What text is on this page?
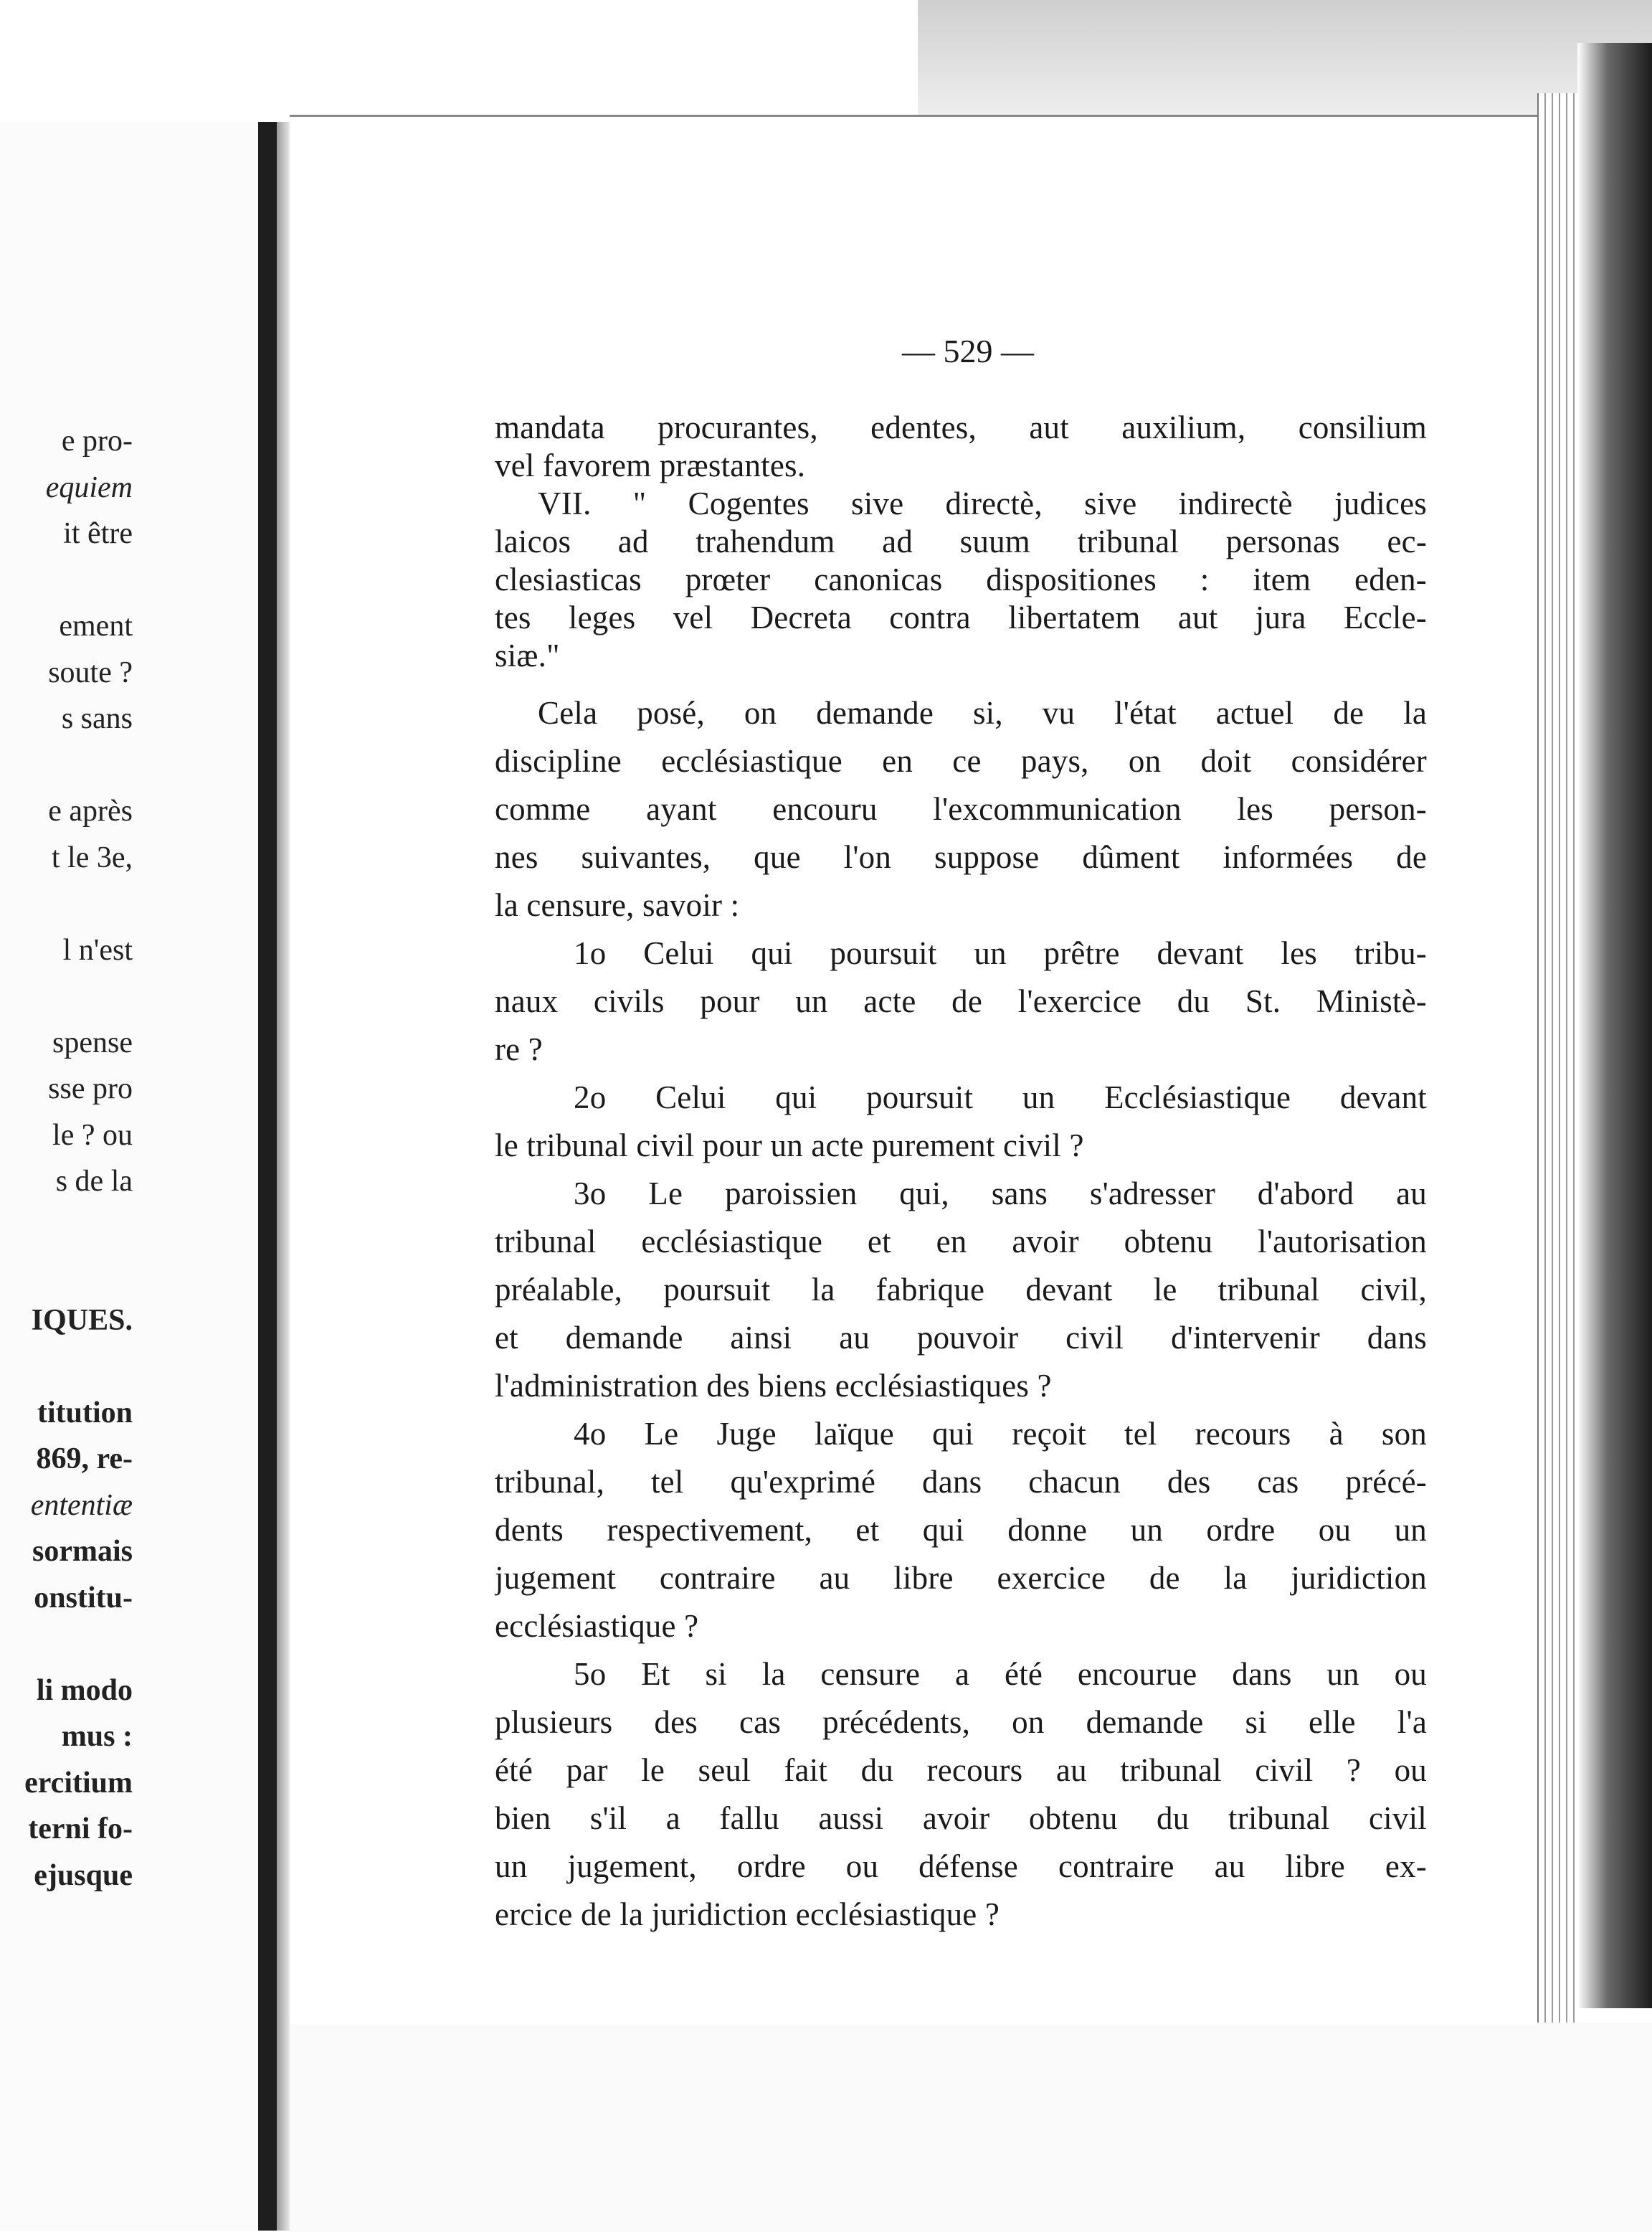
e pro-
equiem
it être
ement
soute ?
s sans
e après
t le 3e,
l n'est
spense
sse pro
le ? ou
s de la
IQUES.
titution
869, re-
ententiæ
sormais
onstitu-
li modo
mus :
ercitium
terni fo-
ejusque
— 529 —
mandata procurantes, edentes, aut auxilium, consilium
vel favorem præstantes.
VII. " Cogentes sive directè, sive indirectè judices
laicos ad trahendum ad suum tribunal personas ec-
clesiasticas prœter canonicas dispositiones : item eden-
tes leges vel Decreta contra libertatem aut jura Eccle-
siæ."
Cela posé, on demande si, vu l'état actuel de la
discipline ecclésiastique en ce pays, on doit considérer
comme ayant encouru l'excommunication les person-
nes suivantes, que l'on suppose dûment informées de
la censure, savoir :
1o Celui qui poursuit un prêtre devant les tribu-
naux civils pour un acte de l'exercice du St. Ministè-
re ?
2o Celui qui poursuit un Ecclésiastique devant
le tribunal civil pour un acte purement civil ?
3o Le paroissien qui, sans s'adresser d'abord au
tribunal ecclésiastique et en avoir obtenu l'autorisation
préalable, poursuit la fabrique devant le tribunal civil,
et demande ainsi au pouvoir civil d'intervenir dans
l'administration des biens ecclésiastiques ?
4o Le Juge laïque qui reçoit tel recours à son
tribunal, tel qu'exprimé dans chacun des cas précé-
dents respectivement, et qui donne un ordre ou un
jugement contraire au libre exercice de la juridiction
ecclésiastique ?
5o Et si la censure a été encourue dans un ou
plusieurs des cas précédents, on demande si elle l'a
été par le seul fait du recours au tribunal civil ? ou
bien s'il a fallu aussi avoir obtenu du tribunal civil
un jugement, ordre ou défense contraire au libre ex-
ercice de la juridiction ecclésiastique ?
